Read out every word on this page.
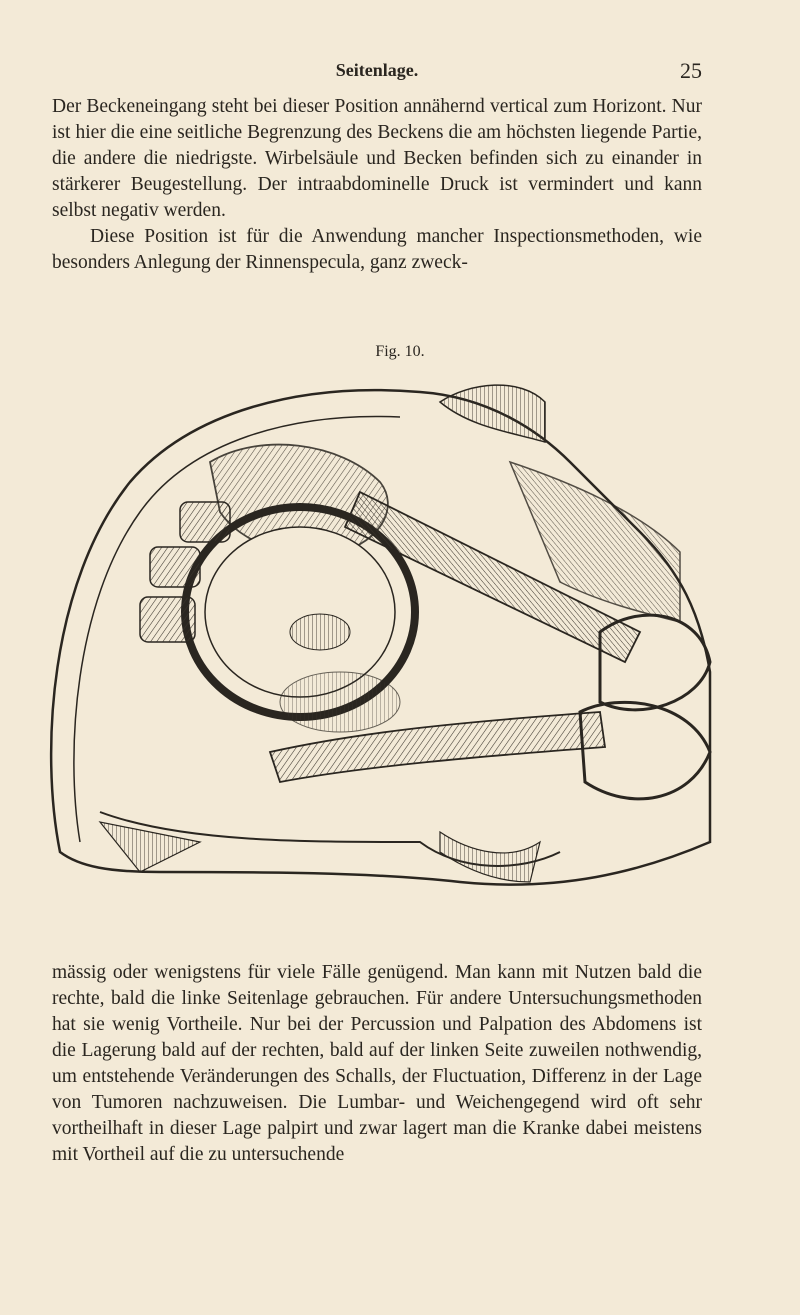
Seitenlage.	25

Der Beckeneingang steht bei dieser Position annähernd vertical zum Horizont. Nur ist hier die eine seitliche Begrenzung des Beckens die am höchsten liegende Partie, die andere die niedrigste. Wirbelsäule und Becken befinden sich zu einander in stärkerer Beugestellung. Der intraabdominelle Druck ist vermindert und kann selbst negativ werden.

Diese Position ist für die Anwendung mancher Inspectionsmethoden, wie besonders Anlegung der Rinnenspecula, ganz zweck-

Fig. 10.

mässig oder wenigstens für viele Fälle genügend. Man kann mit Nutzen bald die rechte, bald die linke Seitenlage gebrauchen. Für andere Untersuchungsmethoden hat sie wenig Vortheile. Nur bei der Percussion und Palpation des Abdomens ist die Lagerung bald auf der rechten, bald auf der linken Seite zuweilen nothwendig, um entstehende Veränderungen des Schalls, der Fluctuation, Differenz in der Lage von Tumoren nachzuweisen. Die Lumbar- und Weichengegend wird oft sehr vortheilhaft in dieser Lage palpirt und zwar lagert man die Kranke dabei meistens mit Vortheil auf die zu untersuchende
